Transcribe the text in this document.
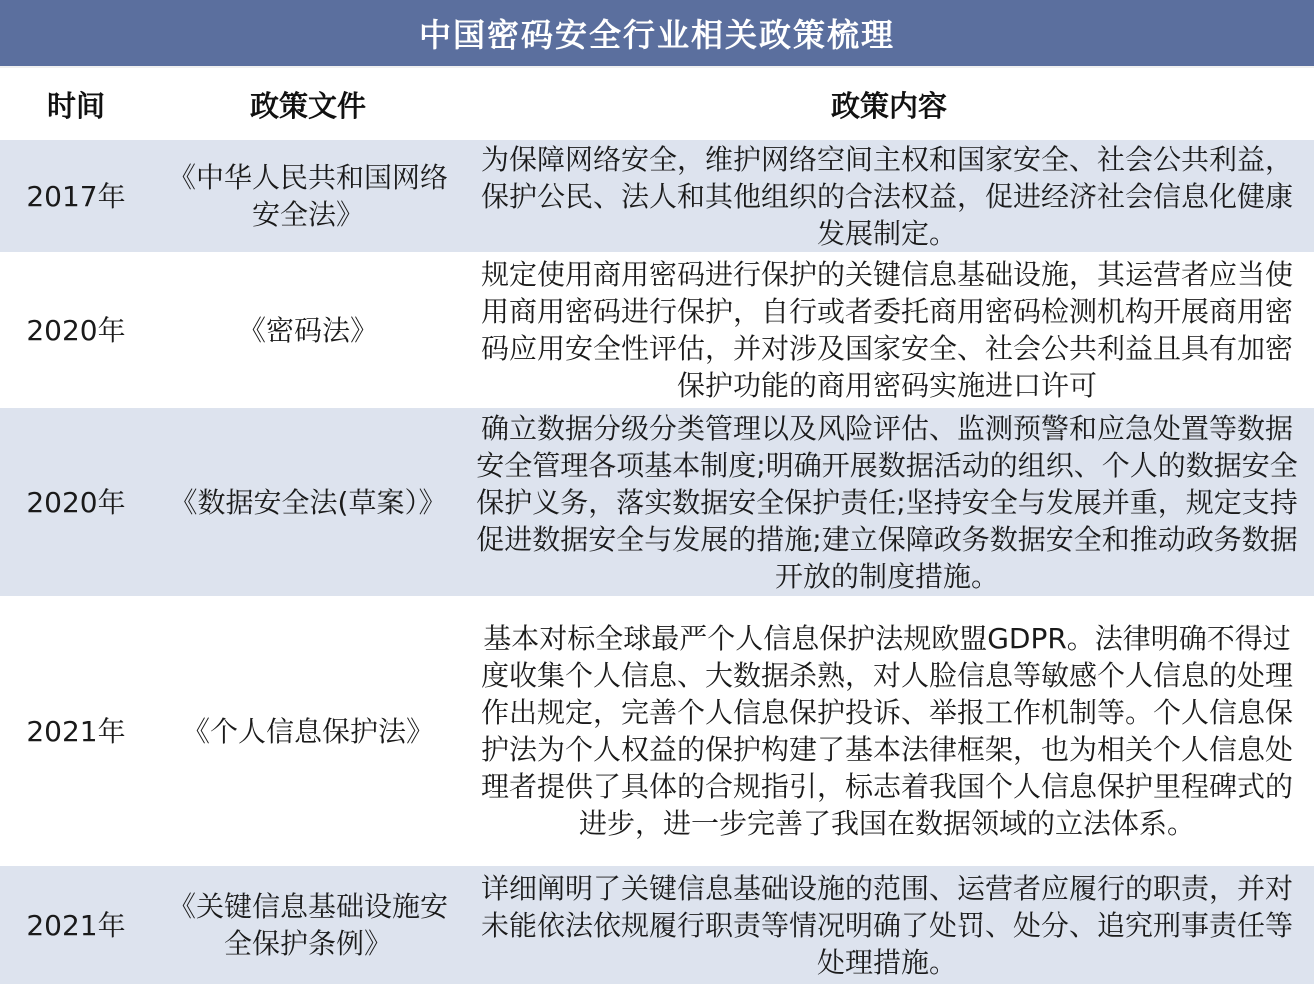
中国密码安全行业相关政策梳理
时间	政策文件	政策内容
2017年	《中华人民共和国网络安全法》	为保障网络安全，维护网络空间主权和国家安全、社会公共利益，保护公民、法人和其他组织的合法权益，促进经济社会信息化健康发展制定。
2020年	《密码法》	规定使用商用密码进行保护的关键信息基础设施，其运营者应当使用商用密码进行保护，自行或者委托商用密码检测机构开展商用密码应用安全性评估，并对涉及国家安全、社会公共利益且具有加密保护功能的商用密码实施进口许可
2020年	《数据安全法(草案）》	确立数据分级分类管理以及风险评估、监测预警和应急处置等数据安全管理各项基本制度;明确开展数据活动的组织、个人的数据安全保护义务，落实数据安全保护责任;坚持安全与发展并重，规定支持促进数据安全与发展的措施;建立保障政务数据安全和推动政务数据开放的制度措施。
2021年	《个人信息保护法》	基本对标全球最严个人信息保护法规欧盟GDPR。法律明确不得过度收集个人信息、大数据杀熟，对人脸信息等敏感个人信息的处理作出规定，完善个人信息保护投诉、举报工作机制等。个人信息保护法为个人权益的保护构建了基本法律框架，也为相关个人信息处理者提供了具体的合规指引，标志着我国个人信息保护里程碑式的进步，进一步完善了我国在数据领域的立法体系。
2021年	《关键信息基础设施安全保护条例》	详细阐明了关键信息基础设施的范围、运营者应履行的职责，并对未能依法依规履行职责等情况明确了处罚、处分、追究刑事责任等处理措施。
